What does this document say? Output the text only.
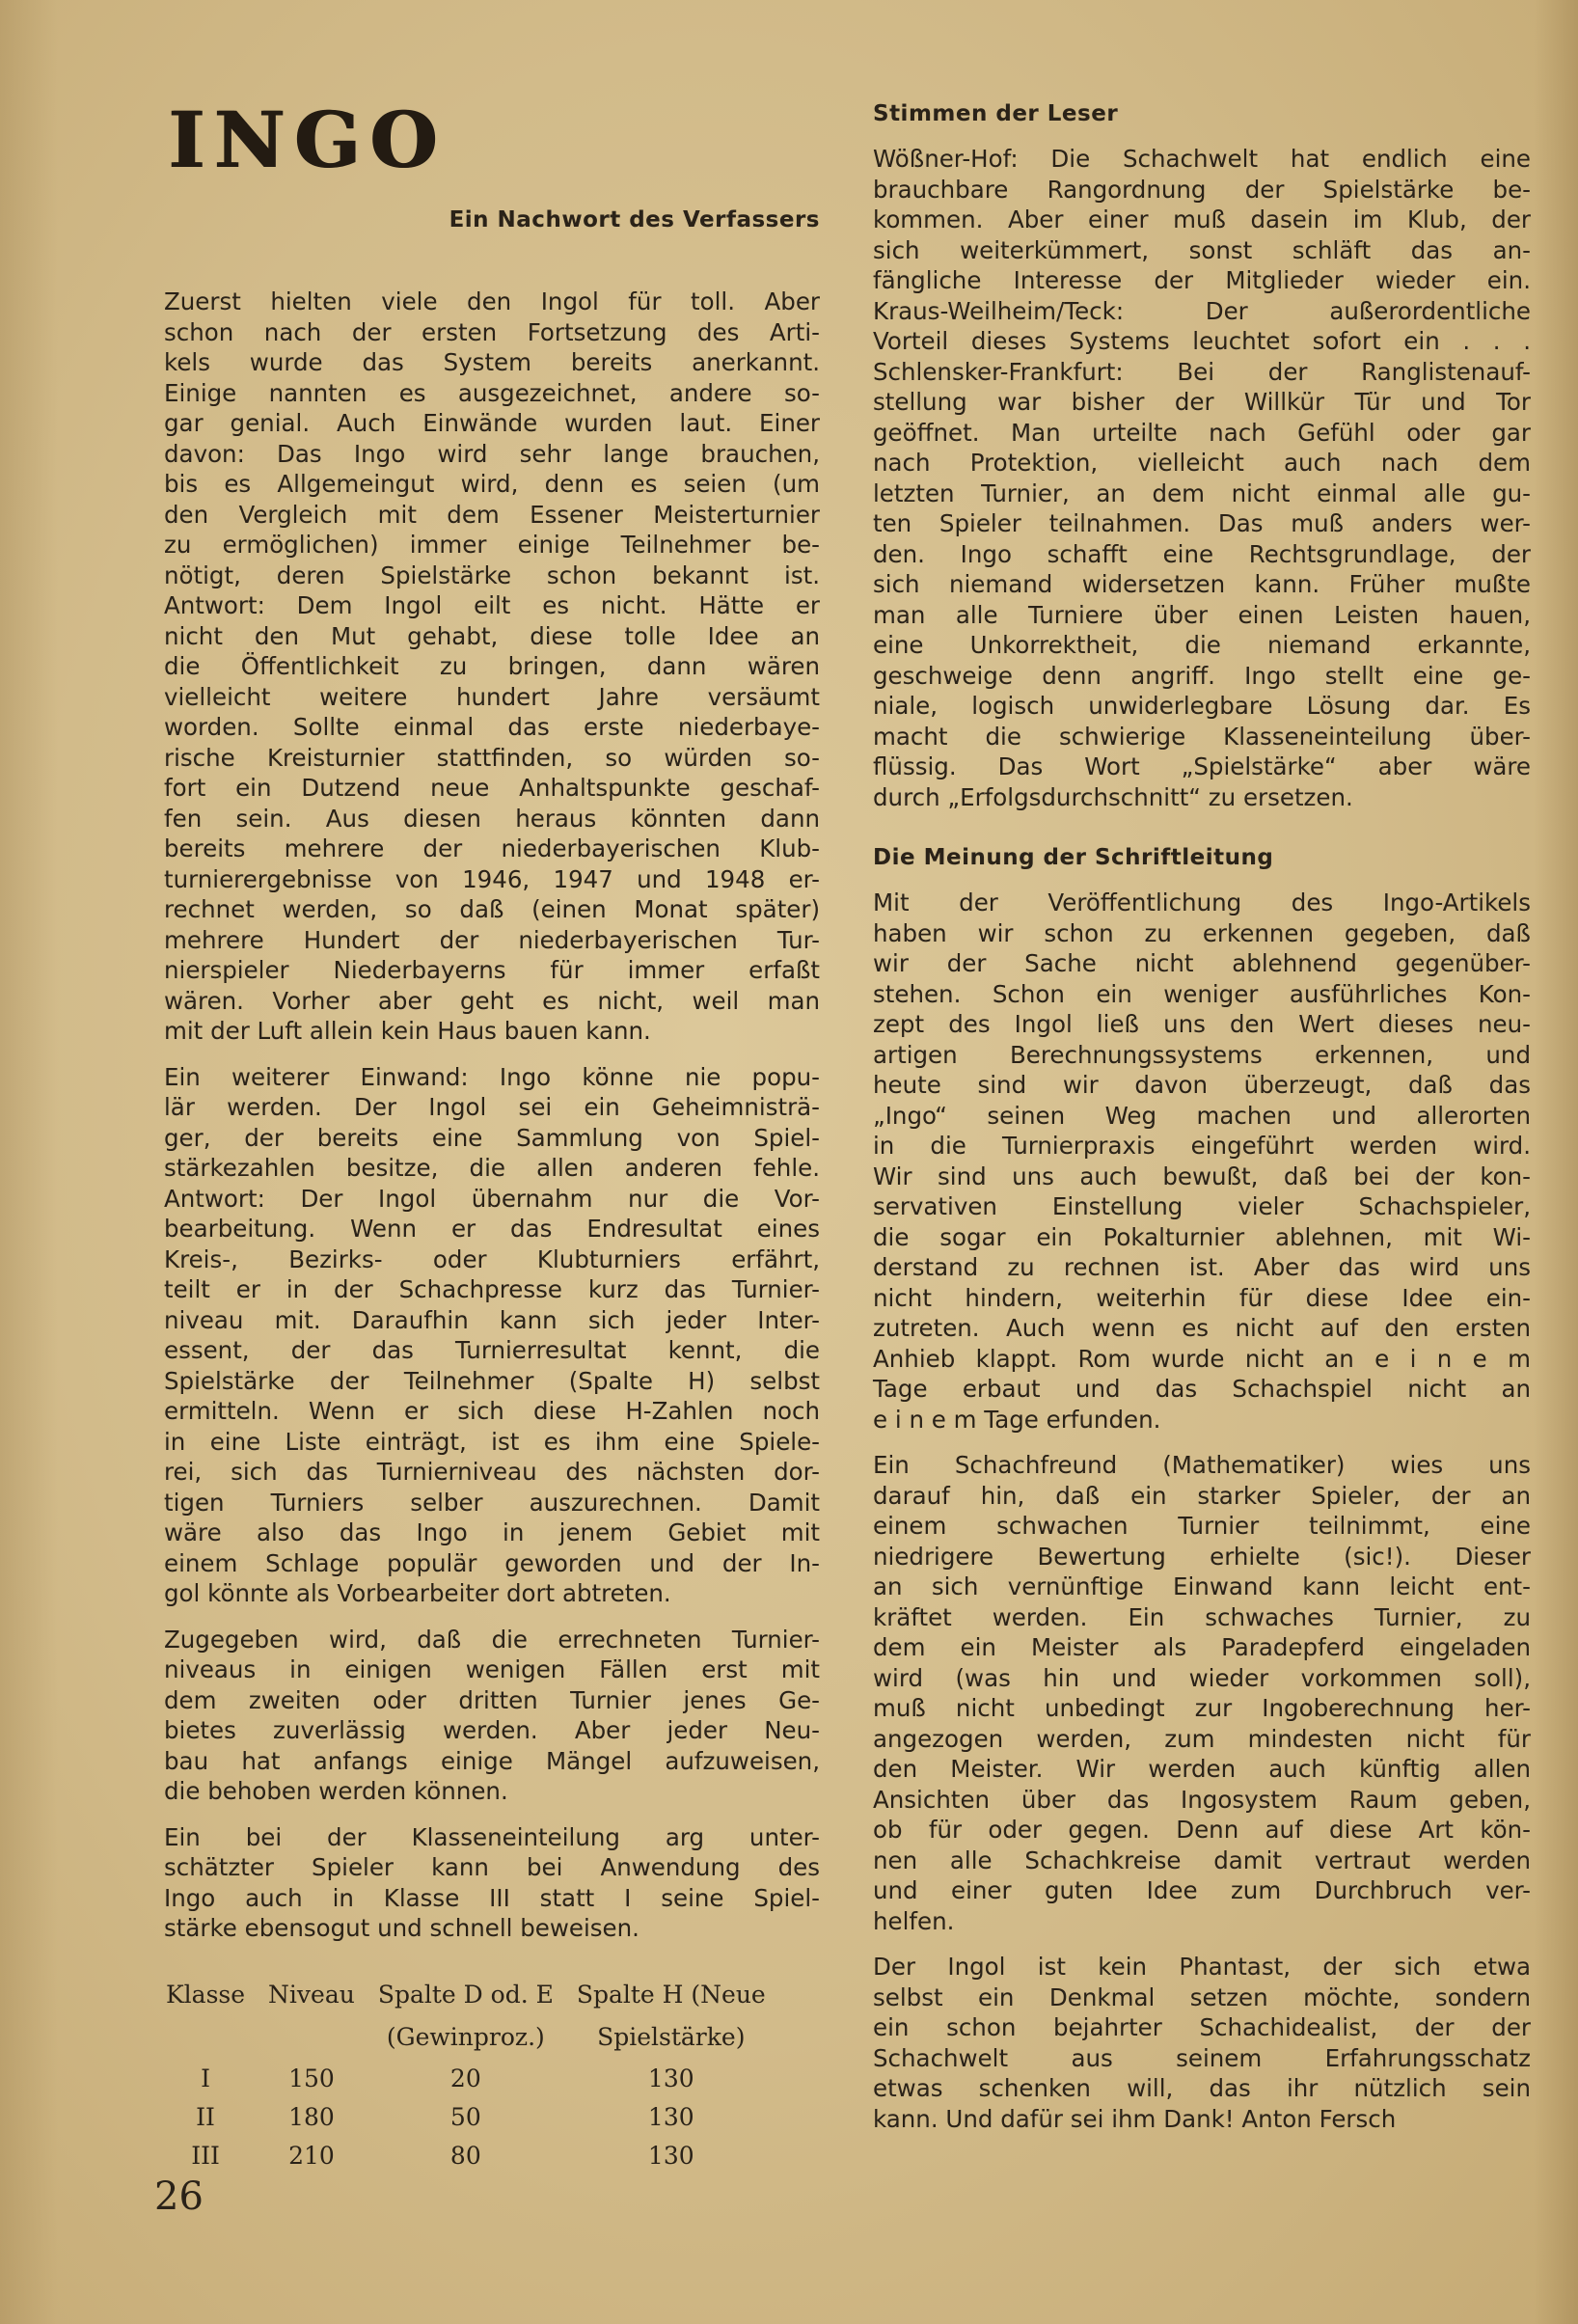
INGO
Ein Nachwort des Verfassers
Zuerst hielten viele den Ingol für toll. Aber
schon nach der ersten Fortsetzung des Arti-
kels wurde das System bereits anerkannt.
Einige nannten es ausgezeichnet, andere so-
gar genial. Auch Einwände wurden laut. Einer
davon: Das Ingo wird sehr lange brauchen,
bis es Allgemeingut wird, denn es seien (um
den Vergleich mit dem Essener Meisterturnier
zu ermöglichen) immer einige Teilnehmer be-
nötigt, deren Spielstärke schon bekannt ist.
Antwort: Dem Ingol eilt es nicht. Hätte er
nicht den Mut gehabt, diese tolle Idee an
die Öffentlichkeit zu bringen, dann wären
vielleicht weitere hundert Jahre versäumt
worden. Sollte einmal das erste niederbaye-
rische Kreisturnier stattfinden, so würden so-
fort ein Dutzend neue Anhaltspunkte geschaf-
fen sein. Aus diesen heraus könnten dann
bereits mehrere der niederbayerischen Klub-
turnierergebnisse von 1946, 1947 und 1948 er-
rechnet werden, so daß (einen Monat später)
mehrere Hundert der niederbayerischen Tur-
nierspieler Niederbayerns für immer erfaßt
wären. Vorher aber geht es nicht, weil man
mit der Luft allein kein Haus bauen kann.
Ein weiterer Einwand: Ingo könne nie popu-
lär werden. Der Ingol sei ein Geheimnisträ-
ger, der bereits eine Sammlung von Spiel-
stärkezahlen besitze, die allen anderen fehle.
Antwort: Der Ingol übernahm nur die Vor-
bearbeitung. Wenn er das Endresultat eines
Kreis-, Bezirks- oder Klubturniers erfährt,
teilt er in der Schachpresse kurz das Turnier-
niveau mit. Daraufhin kann sich jeder Inter-
essent, der das Turnierresultat kennt, die
Spielstärke der Teilnehmer (Spalte H) selbst
ermitteln. Wenn er sich diese H-Zahlen noch
in eine Liste einträgt, ist es ihm eine Spiele-
rei, sich das Turnierniveau des nächsten dor-
tigen Turniers selber auszurechnen. Damit
wäre also das Ingo in jenem Gebiet mit
einem Schlage populär geworden und der In-
gol könnte als Vorbearbeiter dort abtreten.
Zugegeben wird, daß die errechneten Turnier-
niveaus in einigen wenigen Fällen erst mit
dem zweiten oder dritten Turnier jenes Ge-
bietes zuverlässig werden. Aber jeder Neu-
bau hat anfangs einige Mängel aufzuweisen,
die behoben werden können.
Ein bei der Klasseneinteilung arg unter-
schätzter Spieler kann bei Anwendung des
Ingo auch in Klasse III statt I seine Spiel-
stärke ebensogut und schnell beweisen.
Klasse	Niveau	Spalte D od. E	Spalte H (Neue
		(Gewinproz.)	Spielstärke)
I	150	20	130
II	180	50	130
III	210	80	130
Stimmen der Leser
Wößner-Hof: Die Schachwelt hat endlich eine
brauchbare Rangordnung der Spielstärke be-
kommen. Aber einer muß dasein im Klub, der
sich weiterkümmert, sonst schläft das an-
fängliche Interesse der Mitglieder wieder ein.
Kraus-Weilheim/Teck: Der außerordentliche
Vorteil dieses Systems leuchtet sofort ein . . .
Schlensker-Frankfurt: Bei der Ranglistenauf-
stellung war bisher der Willkür Tür und Tor
geöffnet. Man urteilte nach Gefühl oder gar
nach Protektion, vielleicht auch nach dem
letzten Turnier, an dem nicht einmal alle gu-
ten Spieler teilnahmen. Das muß anders wer-
den. Ingo schafft eine Rechtsgrundlage, der
sich niemand widersetzen kann. Früher mußte
man alle Turniere über einen Leisten hauen,
eine Unkorrektheit, die niemand erkannte,
geschweige denn angriff. Ingo stellt eine ge-
niale, logisch unwiderlegbare Lösung dar. Es
macht die schwierige Klasseneinteilung über-
flüssig. Das Wort „Spielstärke“ aber wäre
durch „Erfolgsdurchschnitt“ zu ersetzen.
Die Meinung der Schriftleitung
Mit der Veröffentlichung des Ingo-Artikels
haben wir schon zu erkennen gegeben, daß
wir der Sache nicht ablehnend gegenüber-
stehen. Schon ein weniger ausführliches Kon-
zept des Ingol ließ uns den Wert dieses neu-
artigen Berechnungssystems erkennen, und
heute sind wir davon überzeugt, daß das
„Ingo“ seinen Weg machen und allerorten
in die Turnierpraxis eingeführt werden wird.
Wir sind uns auch bewußt, daß bei der kon-
servativen Einstellung vieler Schachspieler,
die sogar ein Pokalturnier ablehnen, mit Wi-
derstand zu rechnen ist. Aber das wird uns
nicht hindern, weiterhin für diese Idee ein-
zutreten. Auch wenn es nicht auf den ersten
Anhieb klappt. Rom wurde nicht an e i n e m
Tage erbaut und das Schachspiel nicht an
e i n e m Tage erfunden.
Ein Schachfreund (Mathematiker) wies uns
darauf hin, daß ein starker Spieler, der an
einem schwachen Turnier teilnimmt, eine
niedrigere Bewertung erhielte (sic!). Dieser
an sich vernünftige Einwand kann leicht ent-
kräftet werden. Ein schwaches Turnier, zu
dem ein Meister als Paradepferd eingeladen
wird (was hin und wieder vorkommen soll),
muß nicht unbedingt zur Ingoberechnung her-
angezogen werden, zum mindesten nicht für
den Meister. Wir werden auch künftig allen
Ansichten über das Ingosystem Raum geben,
ob für oder gegen. Denn auf diese Art kön-
nen alle Schachkreise damit vertraut werden
und einer guten Idee zum Durchbruch ver-
helfen.
Der Ingol ist kein Phantast, der sich etwa
selbst ein Denkmal setzen möchte, sondern
ein schon bejahrter Schachidealist, der der
Schachwelt aus seinem Erfahrungsschatz
etwas schenken will, das ihr nützlich sein
kann. Und dafür sei ihm Dank! Anton Fersch
26
